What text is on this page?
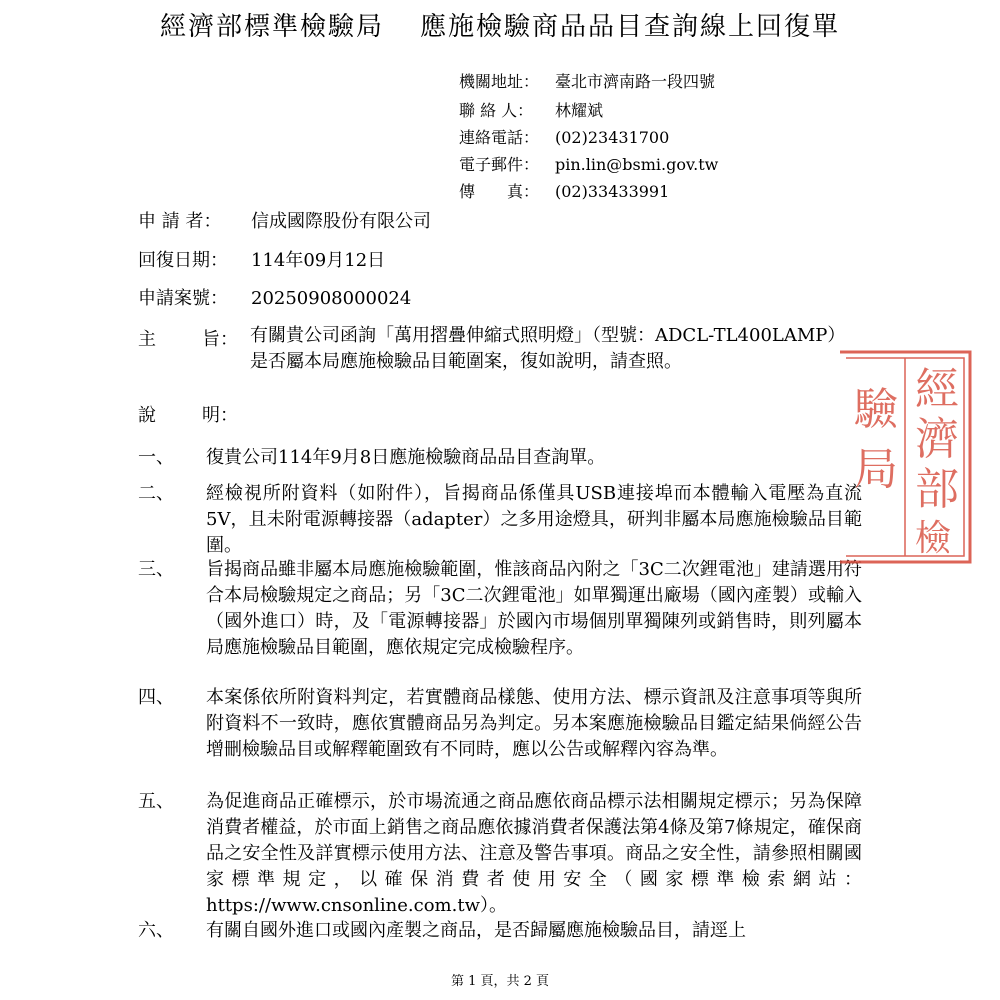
經濟部標準檢驗局 應施檢驗商品品目查詢線上回復單
機關地址： 臺北市濟南路一段四號
聯 絡 人： 林耀斌
連絡電話： (02)23431700
電子郵件： pin.lin@bsmi.gov.tw
傳　　真： (02)33433991
申 請 者： 信成國際股份有限公司
回復日期： 114年09月12日
申請案號： 20250908000024
主	旨： 有關貴公司函詢「萬用摺疊伸縮式照明燈」（型號：ADCL-TL400LAMP）是否屬本局應施檢驗品目範圍案，復如說明，請查照。
說	明：
一、 復貴公司114年9月8日應施檢驗商品品目查詢單。
二、 經檢視所附資料（如附件），旨揭商品係僅具USB連接埠而本體輸入電壓為直流5V，且未附電源轉接器（adapter）之多用途燈具，研判非屬本局應施檢驗品目範圍。
三、 旨揭商品雖非屬本局應施檢驗範圍，惟該商品內附之「3C二次鋰電池」建請選用符合本局檢驗規定之商品；另「3C二次鋰電池」如單獨運出廠場（國內產製）或輸入（國外進口）時，及「電源轉接器」於國內市場個別單獨陳列或銷售時，則列屬本局應施檢驗品目範圍，應依規定完成檢驗程序。
四、 本案係依所附資料判定，若實體商品樣態、使用方法、標示資訊及注意事項等與所附資料不一致時，應依實體商品另為判定。另本案應施檢驗品目鑑定結果倘經公告增刪檢驗品目或解釋範圍致有不同時，應以公告或解釋內容為準。
五、 為促進商品正確標示，於市場流通之商品應依商品標示法相關規定標示；另為保障消費者權益，於市面上銷售之商品應依據消費者保護法第4條及第7條規定，確保商品之安全性及詳實標示使用方法、注意及警告事項。商品之安全性，請參照相關國家標準規定，以確保消費者使用安全（國家標準檢索網站：https://www.cnsonline.com.tw）。
六、 有關自國外進口或國內產製之商品，是否歸屬應施檢驗品目，請逕上
經
濟
部
驗
局
檢
第 1 頁，共 2 頁
